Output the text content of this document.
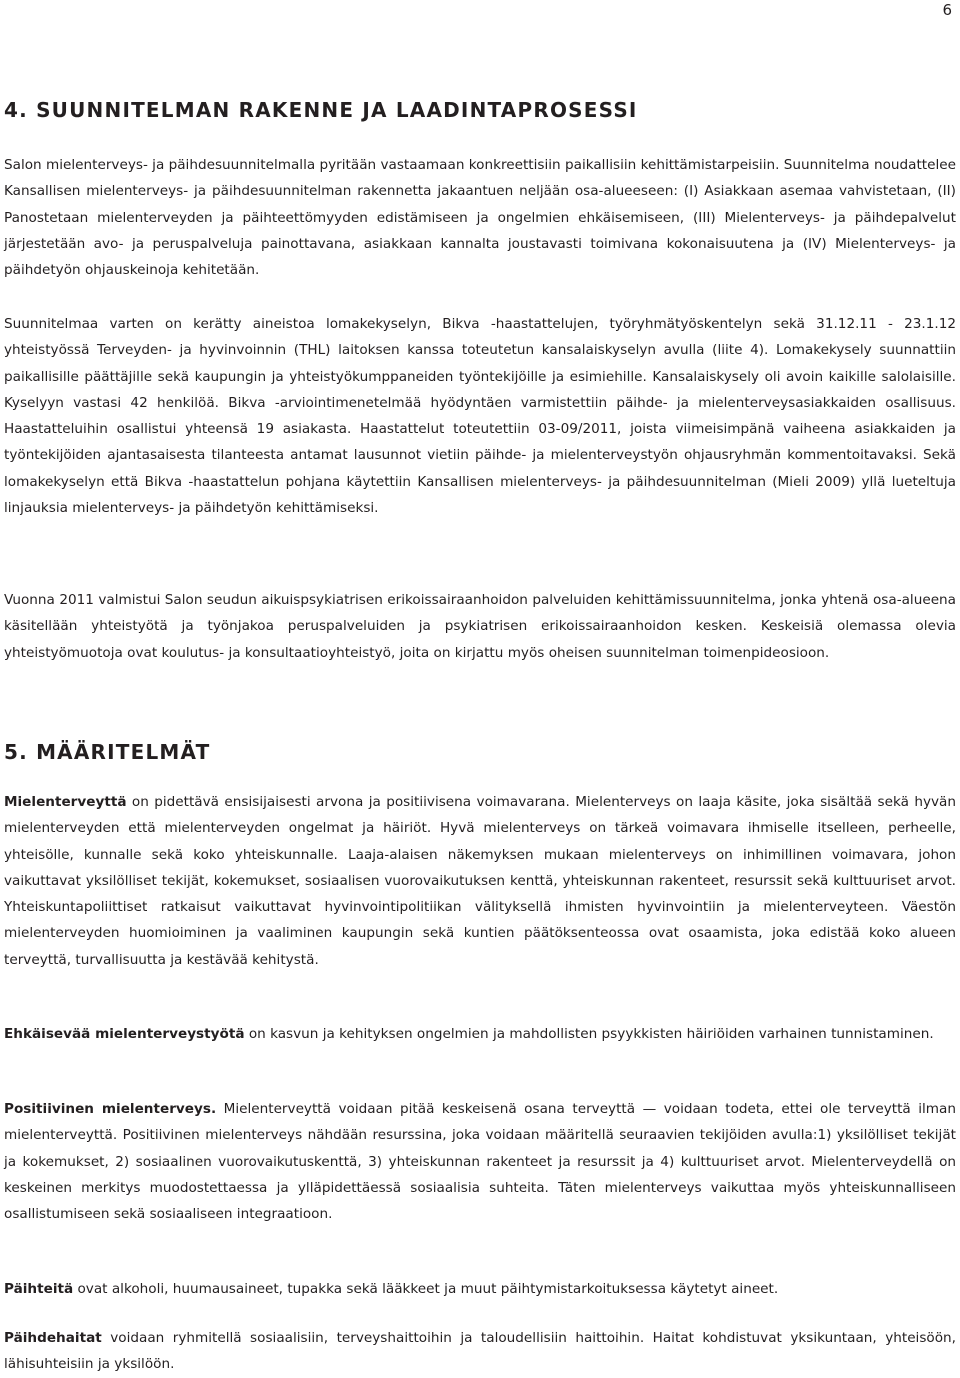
6
4. SUUNNITELMAN RAKENNE JA LAADINTAPROSESSI

Salon mielenterveys- ja päihdesuunnitelmalla pyritään vastaamaan konkreettisiin paikallisiin kehittämistarpeisiin. Suunnitelma noudattelee Kansallisen mielenterveys- ja päihdesuunnitelman rakennetta jakaantuen neljään osa-alueeseen: (I) Asiakkaan asemaa vahvistetaan, (II) Panostetaan mielenterveyden ja päihteettömyyden edistämiseen ja ongelmien ehkäisemiseen, (III) Mielenterveys- ja päihdepalvelut järjestetään avo- ja peruspalveluja painottavana, asiakkaan kannalta joustavasti toimivana kokonaisuutena ja (IV) Mielenterveys- ja päihdetyön ohjauskeinoja kehitetään.

Suunnitelmaa varten on kerätty aineistoa lomakekyselyn, Bikva -haastattelujen, työryhmätyöskentelyn sekä 31.12.11 - 23.1.12 yhteistyössä Terveyden- ja hyvinvoinnin (THL) laitoksen kanssa toteutetun kansalaiskyselyn avulla (liite 4). Lomakekysely suunnattiin paikallisille päättäjille sekä kaupungin ja yhteistyökumppaneiden työntekijöille ja esimiehille. Kansalaiskysely oli avoin kaikille salolaisille. Kyselyyn vastasi 42 henkilöä. Bikva -arviointimenetelmää hyödyntäen varmistettiin päihde- ja mielenterveysasiakkaiden osallisuus. Haastatteluihin osallistui yhteensä 19 asiakasta. Haastattelut toteutettiin 03-09/2011, joista viimeisimpänä vaiheena asiakkaiden ja työntekijöiden ajantasaisesta tilanteesta antamat lausunnot vietiin päihde- ja mielenterveystyön ohjausryhmän kommentoitavaksi. Sekä lomakekyselyn että Bikva -haastattelun pohjana käytettiin Kansallisen mielenterveys- ja päihdesuunnitelman (Mieli 2009) yllä lueteltuja linjauksia mielenterveys- ja päihdetyön kehittämiseksi.

Vuonna 2011 valmistui Salon seudun aikuispsykiatrisen erikoissairaanhoidon palveluiden kehittämissuunnitelma, jonka yhtenä osa-alueena käsitellään yhteistyötä ja työnjakoa peruspalveluiden ja psykiatrisen erikoissairaanhoidon kesken. Keskeisiä olemassa olevia yhteistyömuotoja ovat koulutus- ja konsultaatioyhteistyö, joita on kirjattu myös oheisen suunnitelman toimenpideosioon.

5. MÄÄRITELMÄT

Mielenterveyttä on pidettävä ensisijaisesti arvona ja positiivisena voimavarana. Mielenterveys on laaja käsite, joka sisältää sekä hyvän mielenterveyden että mielenterveyden ongelmat ja häiriöt. Hyvä mielenterveys on tärkeä voimavara ihmiselle itselleen, perheelle, yhteisölle, kunnalle sekä koko yhteiskunnalle. Laaja-alaisen näkemyksen mukaan mielenterveys on inhimillinen voimavara, johon vaikuttavat yksilölliset tekijät, kokemukset, sosiaalisen vuorovaikutuksen kenttä, yhteiskunnan rakenteet, resurssit sekä kulttuuriset arvot. Yhteiskuntapoliittiset ratkaisut vaikuttavat hyvinvointipolitiikan välityksellä ihmisten hyvinvointiin ja mielenterveyteen. Väestön mielenterveyden huomioiminen ja vaaliminen kaupungin sekä kuntien päätöksenteossa ovat osaamista, joka edistää koko alueen terveyttä, turvallisuutta ja kestävää kehitystä.

Ehkäisevää mielenterveystyötä on kasvun ja kehityksen ongelmien ja mahdollisten psyykkisten häiriöiden varhainen tunnistaminen.

Positiivinen mielenterveys. Mielenterveyttä voidaan pitää keskeisenä osana terveyttä — voidaan todeta, ettei ole terveyttä ilman mielenterveyttä. Positiivinen mielenterveys nähdään resurssina, joka voidaan määritellä seuraavien tekijöiden avulla:1) yksilölliset tekijät ja kokemukset, 2) sosiaalinen vuorovaikutuskenttä, 3) yhteiskunnan rakenteet ja resurssit ja 4) kulttuuriset arvot. Mielenterveydellä on keskeinen merkitys muodostettaessa ja ylläpidettäessä sosiaalisia suhteita. Täten mielenterveys vaikuttaa myös yhteiskunnalliseen osallistumiseen sekä sosiaaliseen integraatioon.

Päihteitä ovat alkoholi, huumausaineet, tupakka sekä lääkkeet ja muut päihtymistarkoituksessa käytetyt aineet.

Päihdehaitat voidaan ryhmitellä sosiaalisiin, terveyshaittoihin ja taloudellisiin haittoihin. Haitat kohdistuvat yksikuntaan, yhteisöön, lähisuhteisiin ja yksilöön.
